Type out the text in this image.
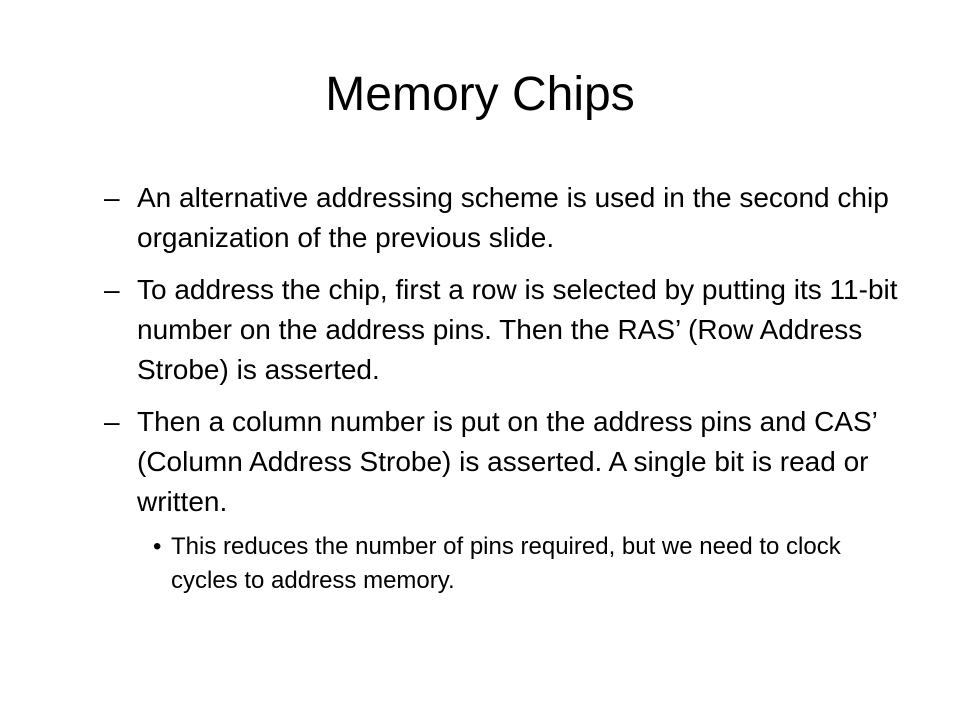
Memory Chips
– An alternative addressing scheme is used in the second chip organization of the previous slide.
– To address the chip, first a row is selected by putting its 11-bit number on the address pins. Then the RAS’ (Row Address Strobe) is asserted.
– Then a column number is put on the address pins and CAS’ (Column Address Strobe) is asserted. A single bit is read or written.
• This reduces the number of pins required, but we need to clock cycles to address memory.
